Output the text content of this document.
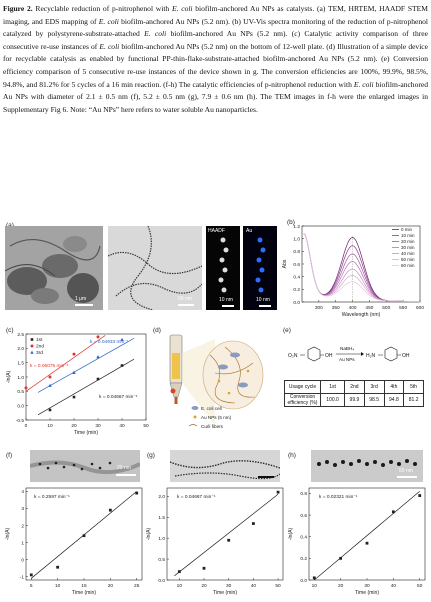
Figure 2. Recyclable reduction of p-nitrophenol with E. coli biofilm-anchored Au NPs as catalysts. (a) TEM, HRTEM, HAADF STEM imaging, and EDS mapping of E. coli biofilm-anchored Au NPs (5.2 nm). (b) UV-Vis spectra monitoring of the reduction of p-nitrophenol catalyzed by polystyrene-substrate-attached E. coli biofilm-anchored Au NPs (5.2 nm). (c) Catalytic activity comparison of three consecutive re-use instances of E. coli biofilm-anchored Au NPs (5.2 nm) on the bottom of 12-well plate. (d) Illustration of a simple device for recyclable catalysis as enabled by functional PP-thin-flake-substrate-attached biofilm-anchored Au NPs (5.2 nm). (e) Conversion efficiency comparison of 5 consecutive re-use instances of the device shown in g. The conversion efficiencies are 100%, 99.9%, 98.5%, 94.8%, and 81.2% for 5 cycles of a 16 min reaction. (f-h) The catalytic efficiencies of p-nitrophenol reduction with E. coli biofilm-anchored Au NPs with diameter of 2.1 ± 0.5 nm (f), 5.2 ± 0.5 nm (g), 7.9 ± 0.6 nm (h). The TEM images in f-h were the enlarged images in Supplementary Fig 6. Note: “Au NPs” here refers to water soluble Au nanoparticles.
1 μm	50 nm
HAADF
10 nm
Au
10 nm
(b)
300 350 400 450 500 550 600
0.0
0.2
0.4
0.6
0.8
1.0
1.2
Wavelength (nm)
Abs
0 min
10 min
20 min
30 min
40 min
50 min
60 min
(c)
0	10	20	30	40	50
-0.5
0.0
0.5
1.0
1.5
2.0
2.5
Time (min)
-ln(A)
k = 0.04667 min⁻¹
k = 0.06075 min⁻¹
k = 0.04933 min⁻¹
1st
2nd
3rd
(d)
E. coli cell
Au NPs (5 nm)
Curli fibers
(e)
O₂N	OH
NaBH₄
Au NPs
H₂N	OH
Usage cycle	1st	2nd	3rd	4th	5th
Conversion efficiency (%)	100.0	99.9	98.5	94.8	81.2
(f)
20 nm
(g)	(h)
50 nm
5	10	15	20	25
-1
0
1
2
3
4
Time (min)
-ln(A)
k = 0.2597 min⁻¹
10	20	30	40	50
0.0
0.5
1.0
1.5
2.0
Time (min)
-ln(A)
k = 0.04667 min⁻¹
10	20	30	40	50
0.0
0.2
0.4
0.6
0.8
Time (min)
-ln(A)
k = 0.02321 min⁻¹
